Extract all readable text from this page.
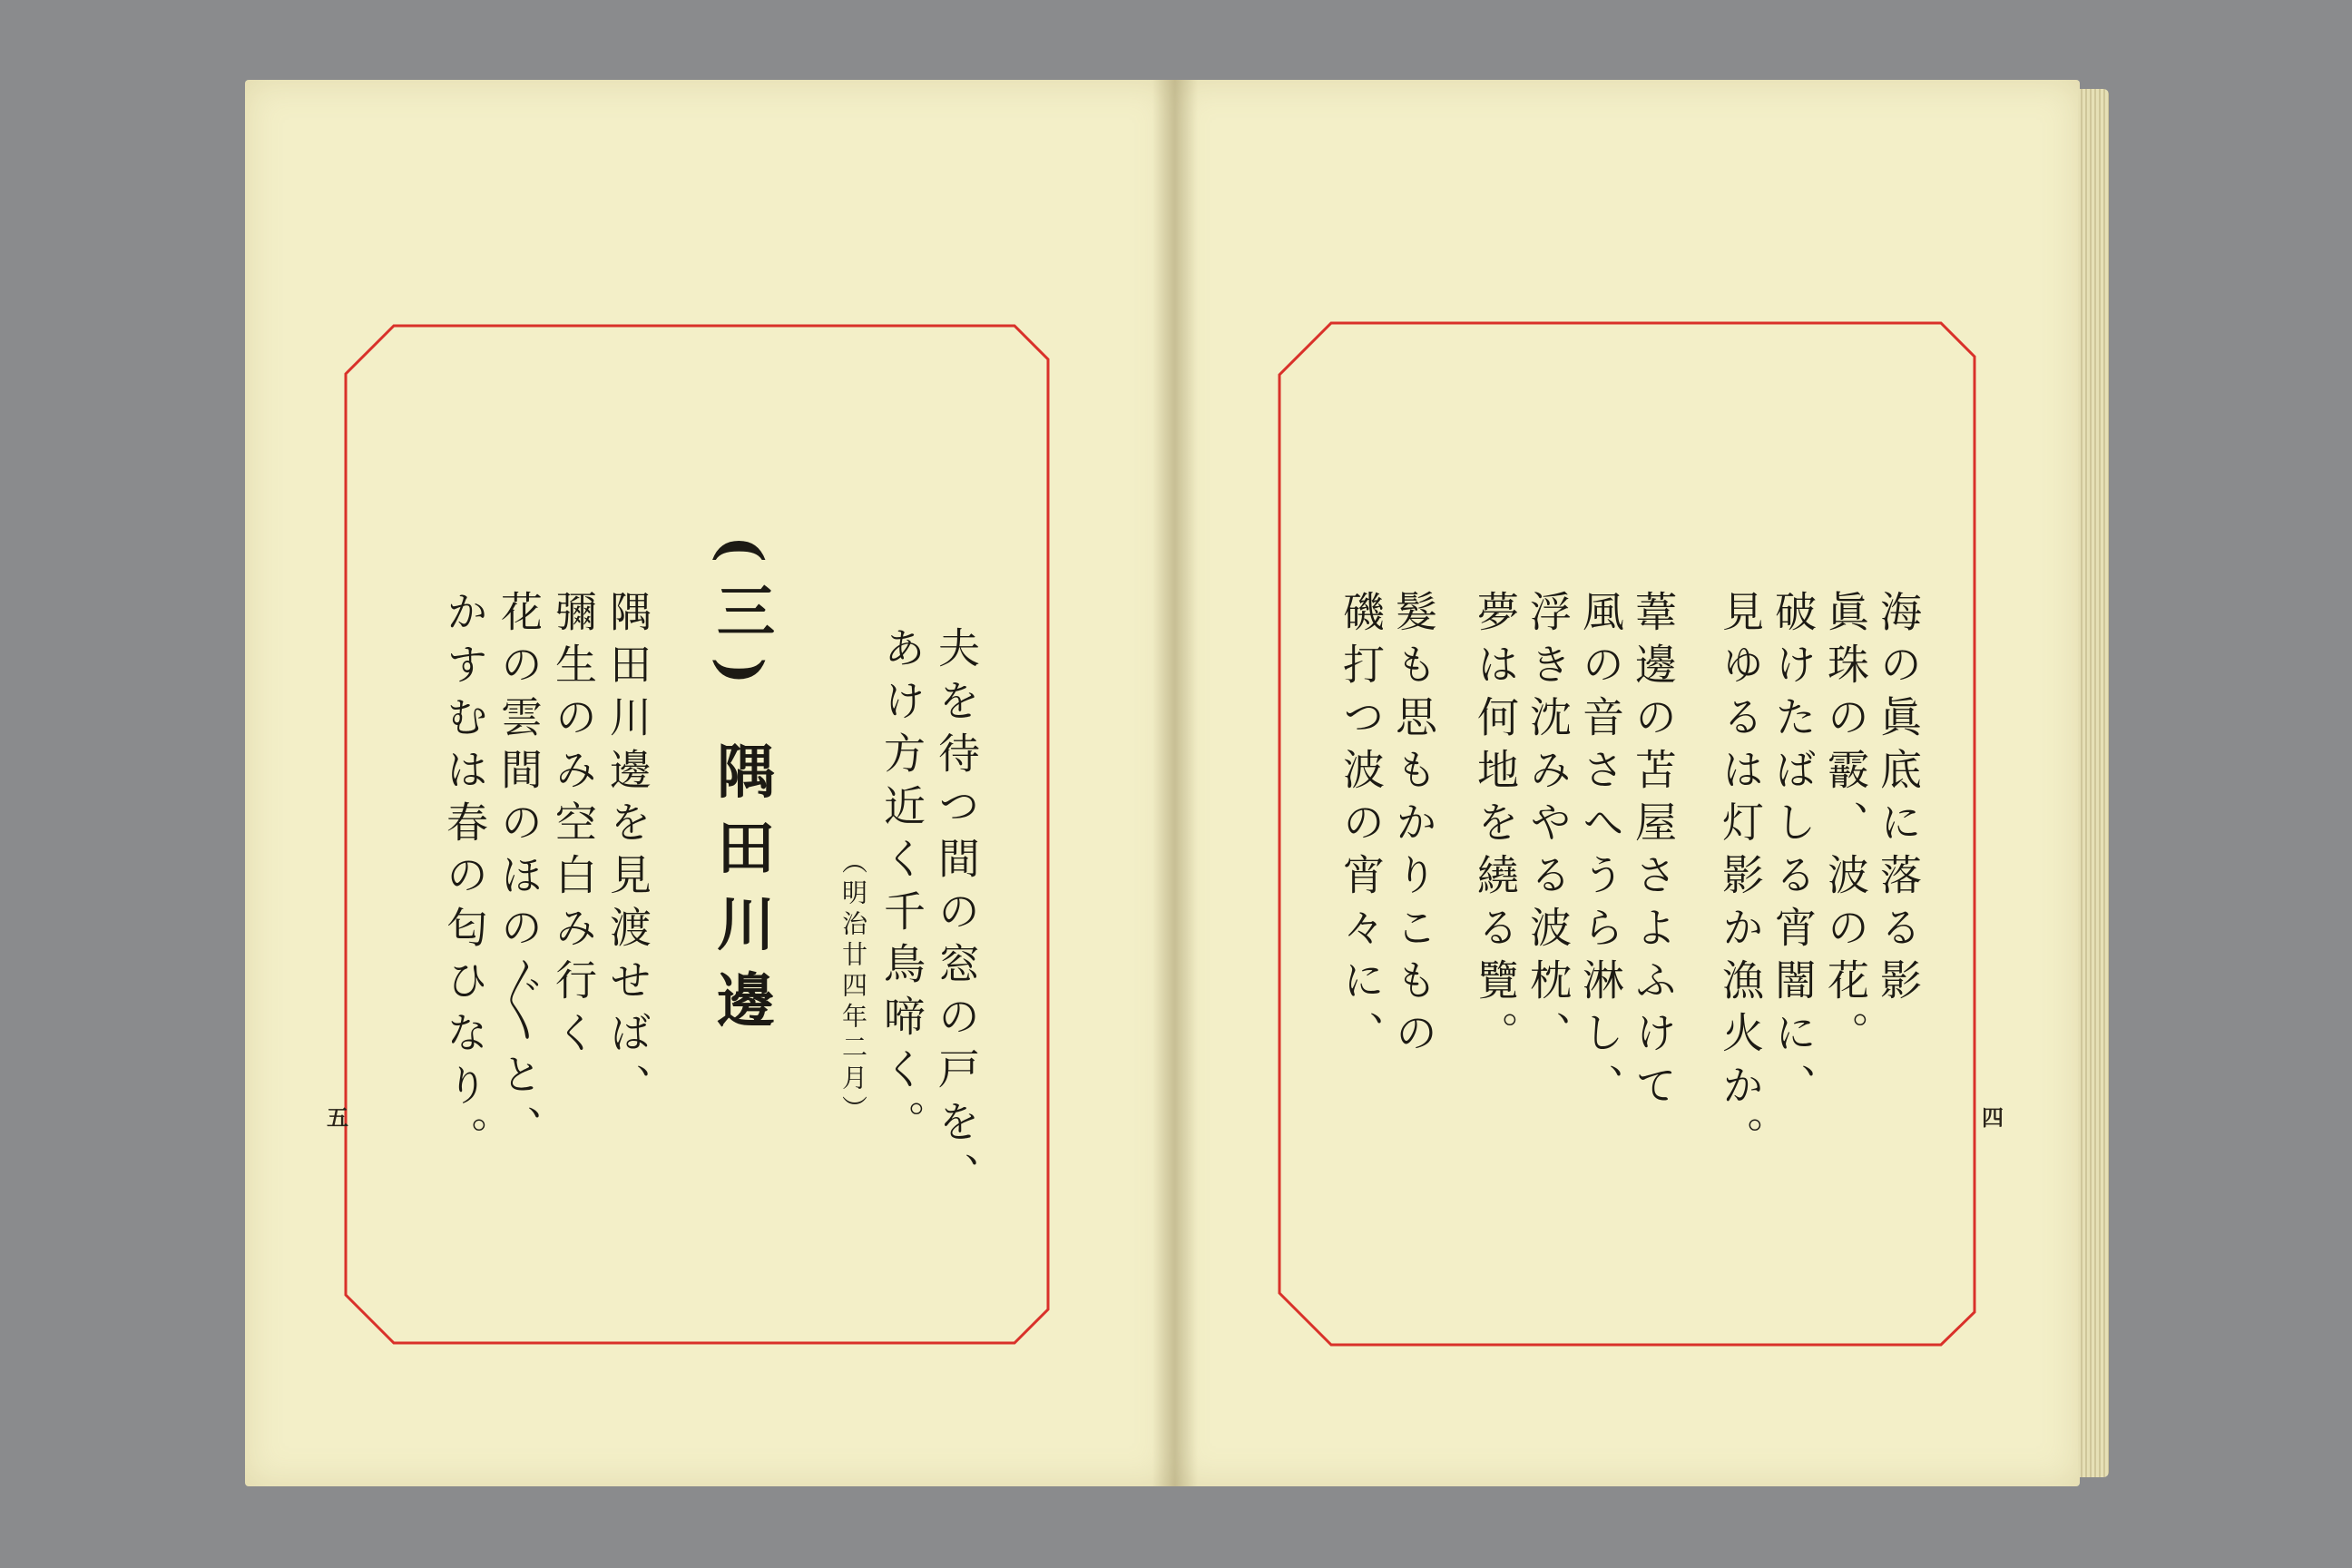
夫を待つ間の窓の戸を、
あけ方近く千鳥啼く。
（明治廿四年二月）
(三) 隅田川邊
隅田川邊を見渡せば、
彌生のみ空白み行く
花の雲間のほの〴〵と、
かすむは春の匂ひなり。
五
海の眞底に落る影
眞珠の霰、波の花。
破けたばしる宵闇に、
見ゆるは灯影か漁火か。
葦邊の苫屋さよふけて
風の音さへうら淋し、
浮き沈みやる波枕、
夢は何地を繞る覽。
髮も思もかりこもの
磯打つ波の宵々に、
四
